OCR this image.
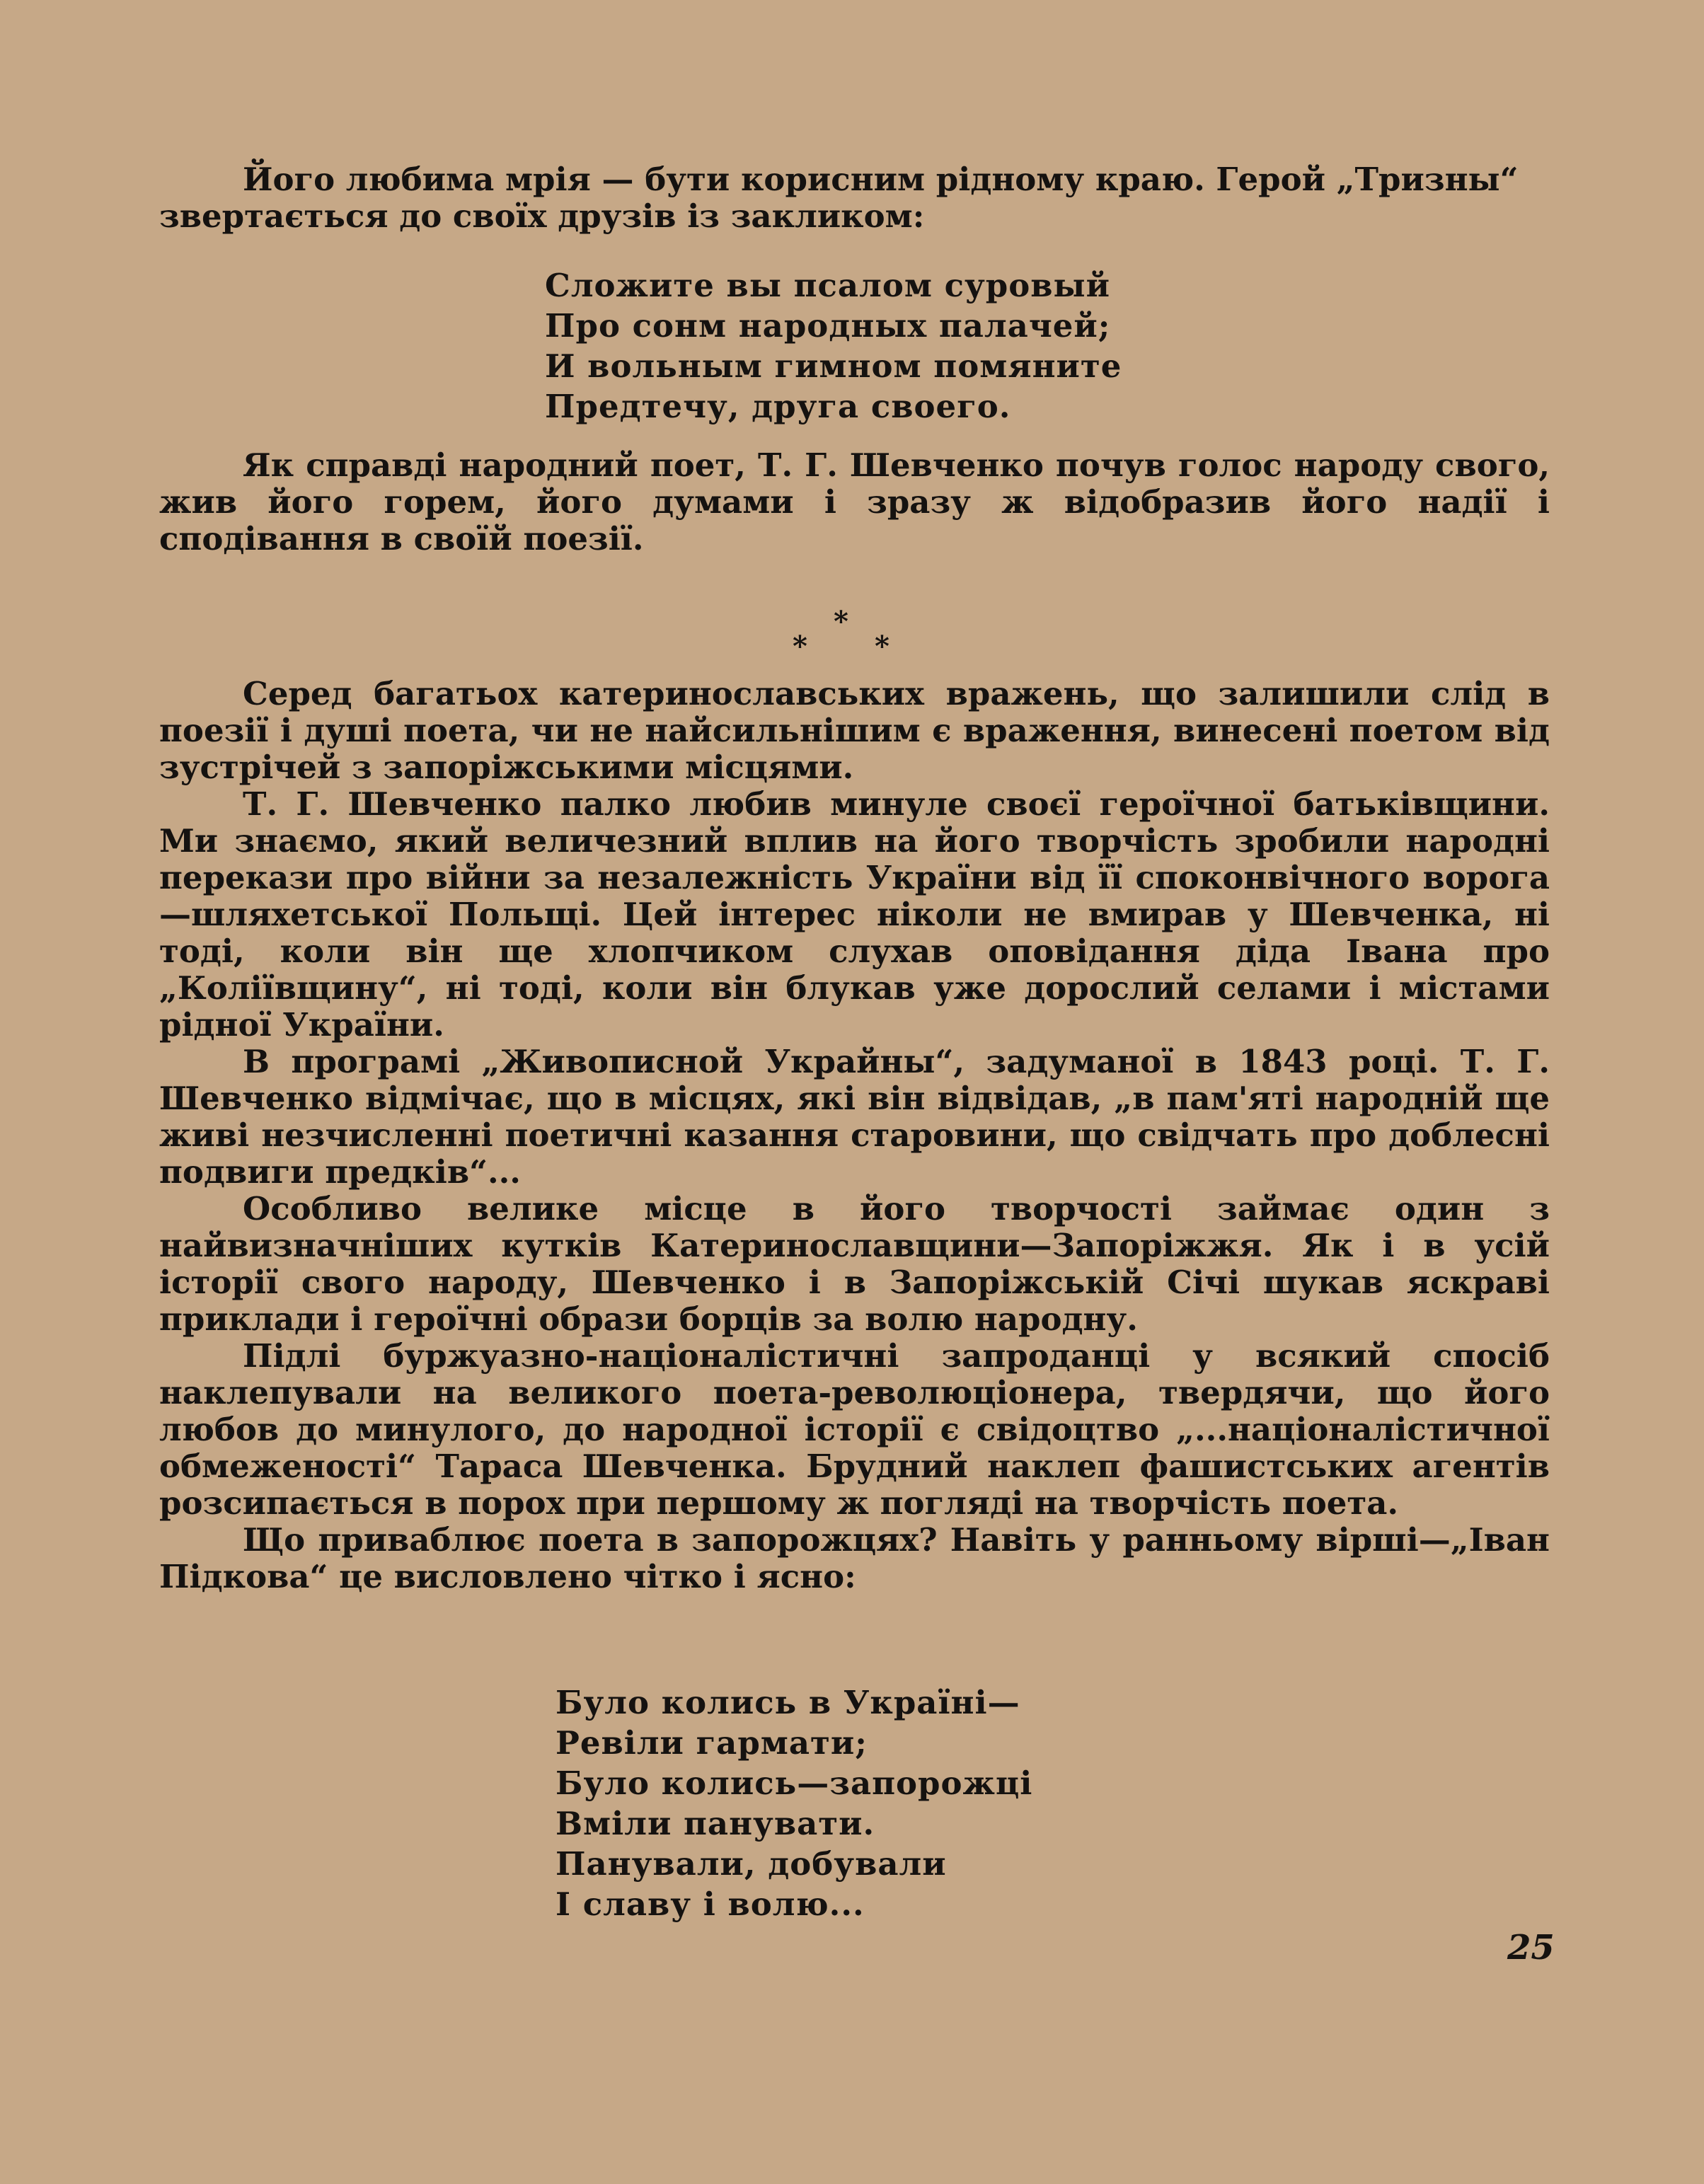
Його любима мрія — бути корисним рідному краю. Герой „Тризны“

звертається до своїх друзів із закликом:

Сложите вы псалом суровый
Про сонм народных палачей;
И вольным гимном помяните
Предтечу, друга своего.

Як справді народний поет, Т. Г. Шевченко почув голос народу свого, жив його горем, його думами і зразу ж відобразив його надії і сподівання в своїй поезії.

*
* *

Серед багатьох катеринославських вражень, що залишили слід в поезії і душі поета, чи не найсильнішим є враження, винесені поетом від зустрічей з запоріжськими місцями.

Т. Г. Шевченко палко любив минуле своєї героїчної батьківщини. Ми знаємо, який величезний вплив на його творчість зробили народні перекази про війни за незалежність України від її споконвічного ворога—шляхетської Польщі. Цей інтерес ніколи не вмирав у Шевченка, ні тоді, коли він ще хлопчиком слухав оповідання діда Івана про „Коліївщину“, ні тоді, коли він блукав уже дорослий селами і містами рідної України.

В програмі „Живописной Украйны“, задуманої в 1843 році. Т. Г. Шевченко відмічає, що в місцях, які він відвідав, „в пам'яті народній ще живі незчисленні поетичні казання старовини, що свідчать про доблесні подвиги предків“...

Особливо велике місце в його творчості займає один з найвизначніших кутків Катеринославщини—Запоріжжя. Як і в усій історії свого народу, Шевченко і в Запоріжській Січі шукав яскраві приклади і героїчні образи борців за волю народну.

Підлі буржуазно-націоналістичні запроданці у всякий спосіб наклепували на великого поета-революціонера, твердячи, що його любов до минулого, до народної історії є свідоцтво „...націоналістичної обмеженості“ Тараса Шевченка. Брудний наклеп фашистських агентів розсипається в порох при першому ж погляді на творчість поета.

Що приваблює поета в запорожцях? Навіть у ранньому вірші—„Іван Підкова“ це висловлено чітко і ясно:

Було колись в Україні—
Ревіли гармати;
Було колись—запорожці
Вміли панувати.
Панували, добували
І славу і волю...
25
